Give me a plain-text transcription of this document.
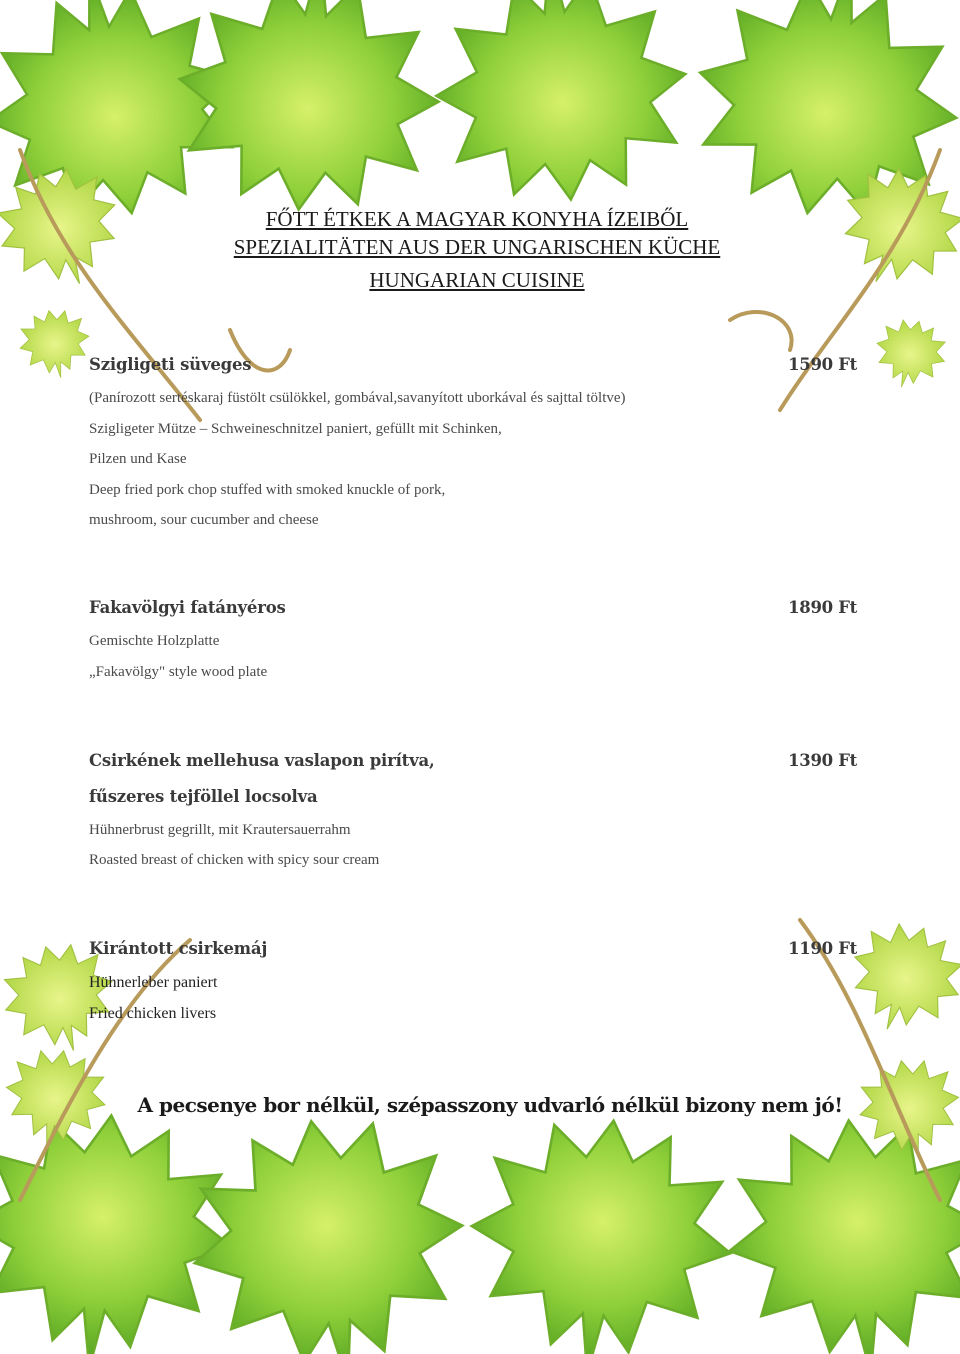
FŐTT ÉTKEK A MAGYAR KONYHA ÍZEIBŐL
SPEZIALITÄTEN AUS DER UNGARISCHEN KÜCHE
HUNGARIAN CUISINE
Szigligeti süveges	1590 Ft
(Panírozott sertéskaraj füstölt csülökkel, gombával,savanyított uborkával és sajttal töltve)
Szigligeter Mütze – Schweineschnitzel paniert, gefüllt mit Schinken,
Pilzen und Kase
Deep fried pork chop stuffed with smoked knuckle of pork,
mushroom, sour cucumber and cheese
Fakavölgyi fatányéros	1890 Ft
Gemischte Holzplatte
„Fakavölgy" style wood plate
Csirkének mellehusa vaslapon pirítva,	1390 Ft
fűszeres tejföllel locsolva
Hühnerbrust gegrillt, mit Krautersauerrahm
Roasted breast of chicken with spicy sour cream
Kirántott csirkemáj	1190 Ft
Hühnerleber paniert
Fried chicken livers
A pecsenye bor nélkül, szépasszony udvarló nélkül bizony nem jó!
